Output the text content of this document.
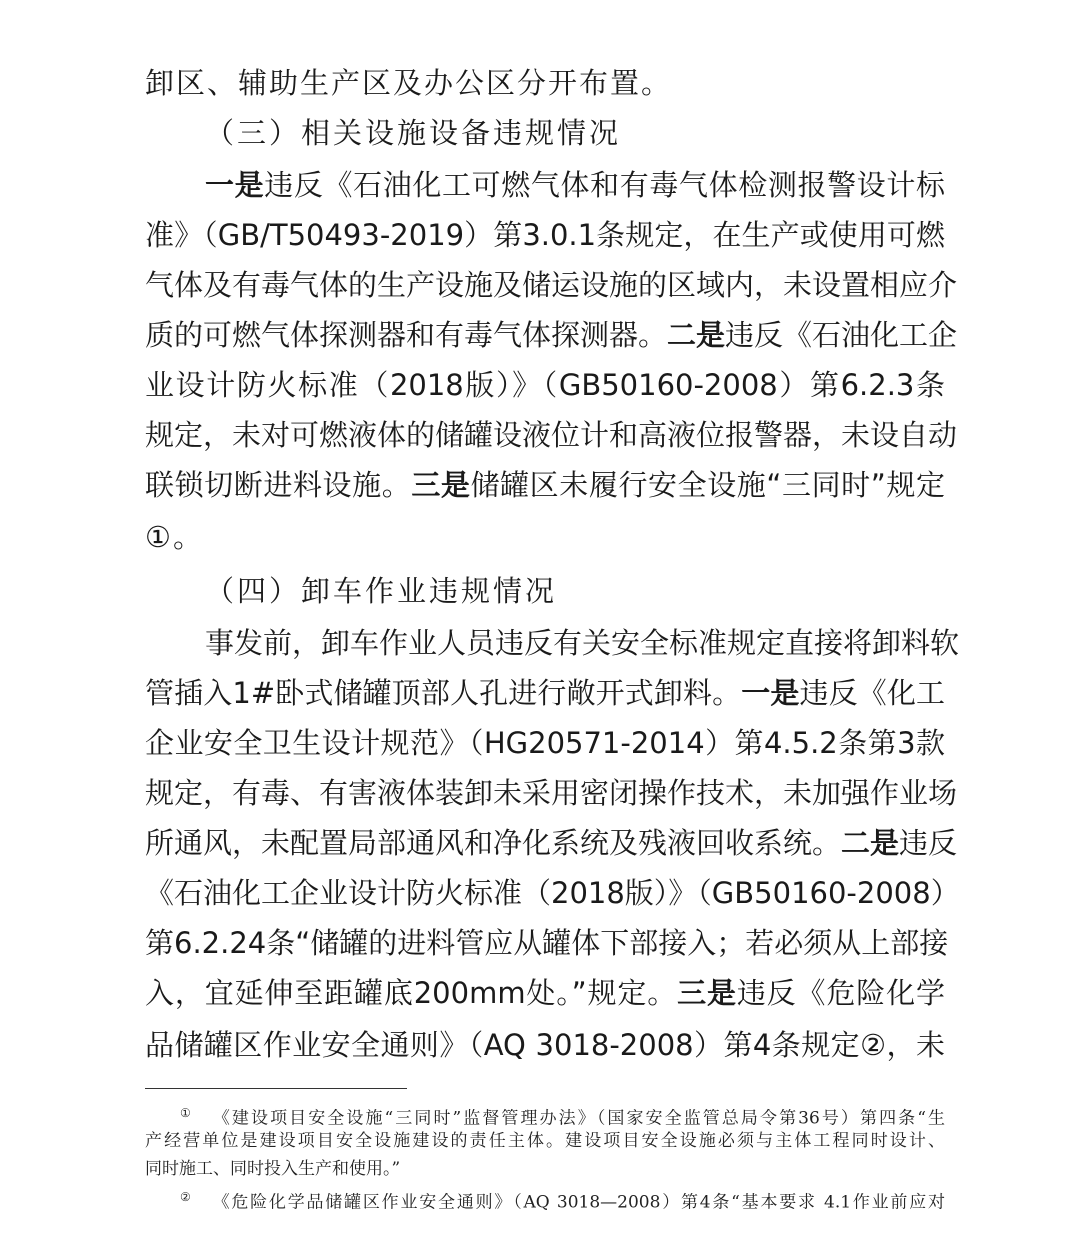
卸区、辅助生产区及办公区分开布置。
（三）相关设施设备违规情况
一是违反《石油化工可燃气体和有毒气体检测报警设计标
准》（GB/T50493-2019）第3.0.1条规定，在生产或使用可燃
气体及有毒气体的生产设施及储运设施的区域内，未设置相应介
质的可燃气体探测器和有毒气体探测器。二是违反《石油化工企
业设计防火标准（2018版）》（GB50160-2008）第6.2.3条
规定，未对可燃液体的储罐设液位计和高液位报警器，未设自动
联锁切断进料设施。三是储罐区未履行安全设施“三同时”规定
①。
（四）卸车作业违规情况
事发前，卸车作业人员违反有关安全标准规定直接将卸料软
管插入1#卧式储罐顶部人孔进行敞开式卸料。一是违反《化工
企业安全卫生设计规范》（HG20571-2014）第4.5.2条第3款
规定，有毒、有害液体装卸未采用密闭操作技术，未加强作业场
所通风，未配置局部通风和净化系统及残液回收系统。二是违反
《石油化工企业设计防火标准（2018版）》（GB50160-2008）
第6.2.24条“储罐的进料管应从罐体下部接入；若必须从上部接
入，宜延伸至距罐底200mm处。”规定。三是违反《危险化学
品储罐区作业安全通则》（AQ 3018-2008）第4条规定②，未
① 《建设项目安全设施“三同时”监督管理办法》（国家安全监管总局令第36号）第四条“生
产经营单位是建设项目安全设施建设的责任主体。建设项目安全设施必须与主体工程同时设计、
同时施工、同时投入生产和使用。”
② 《危险化学品储罐区作业安全通则》（AQ 3018—2008）第4条“基本要求 4.1作业前应对
